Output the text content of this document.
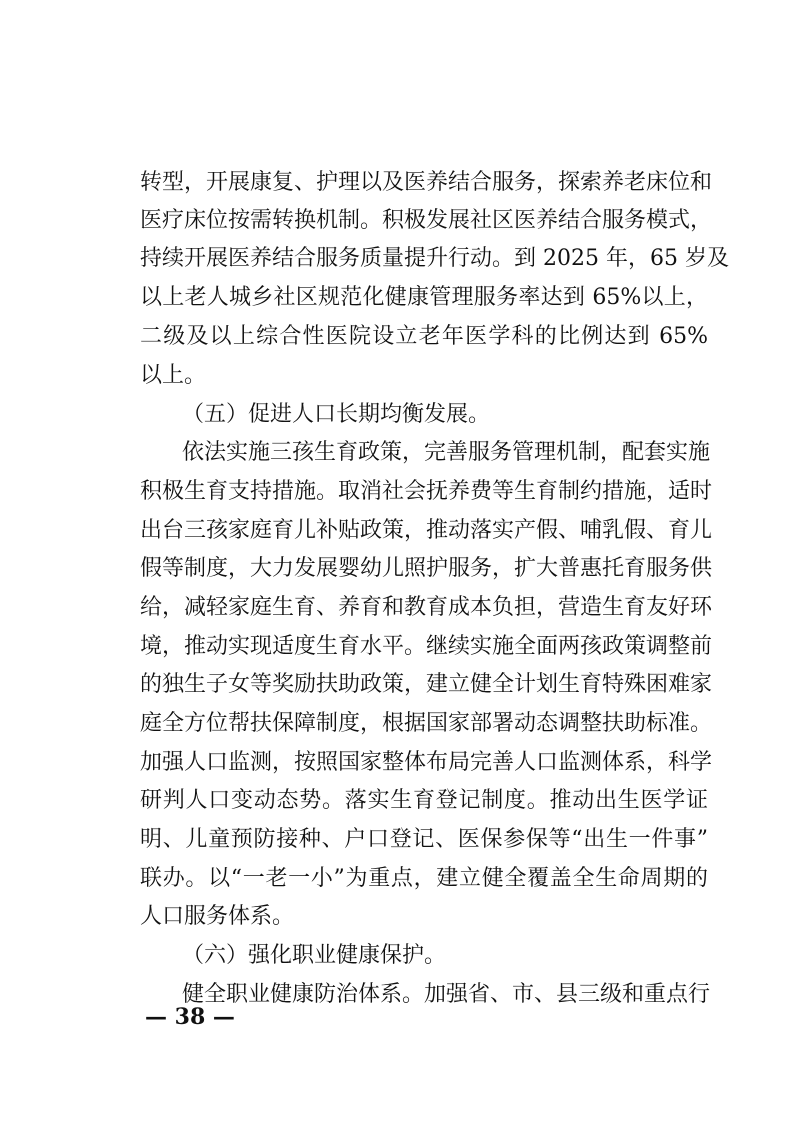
转型，开展康复、护理以及医养结合服务，探索养老床位和
医疗床位按需转换机制。积极发展社区医养结合服务模式，
持续开展医养结合服务质量提升行动。到 2025 年，65 岁及
以上老人城乡社区规范化健康管理服务率达到 65%以上，
二级及以上综合性医院设立老年医学科的比例达到 65%
以上。
（五）促进人口长期均衡发展。
依法实施三孩生育政策，完善服务管理机制，配套实施
积极生育支持措施。取消社会抚养费等生育制约措施，适时
出台三孩家庭育儿补贴政策，推动落实产假、哺乳假、育儿
假等制度，大力发展婴幼儿照护服务，扩大普惠托育服务供
给，减轻家庭生育、养育和教育成本负担，营造生育友好环
境，推动实现适度生育水平。继续实施全面两孩政策调整前
的独生子女等奖励扶助政策，建立健全计划生育特殊困难家
庭全方位帮扶保障制度，根据国家部署动态调整扶助标准。
加强人口监测，按照国家整体布局完善人口监测体系，科学
研判人口变动态势。落实生育登记制度。推动出生医学证
明、儿童预防接种、户口登记、医保参保等“出生一件事”
联办。以“一老一小”为重点，建立健全覆盖全生命周期的
人口服务体系。
（六）强化职业健康保护。
健全职业健康防治体系。加强省、市、县三级和重点行
— 38 —
